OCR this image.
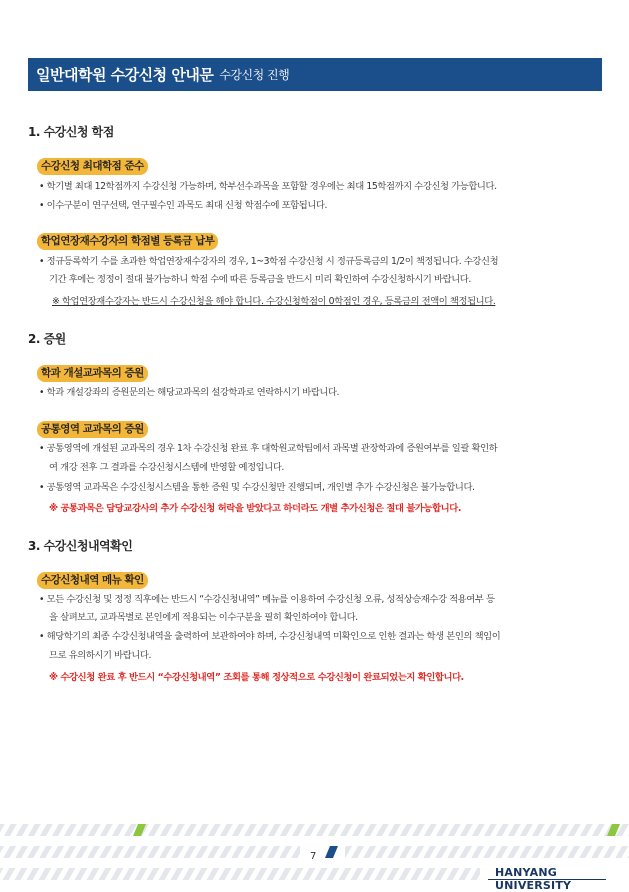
일반대학원 수강신청 안내문 수강신청 진행
1. 수강신청 학점
수강신청 최대학점 준수
• 학기별 최대 12학점까지 수강신청 가능하며, 학부선수과목을 포함할 경우에는 최대 15학점까지 수강신청 가능합니다.
• 이수구분이 연구선택, 연구필수인 과목도 최대 신청 학점수에 포함됩니다.
학업연장재수강자의 학점별 등록금 납부
• 정규등록학기 수를 초과한 학업연장재수강자의 경우, 1~3학점 수강신청 시 정규등록금의 1/2이 책정됩니다. 수강신청
기간 후에는 정정이 절대 불가능하니 학점 수에 따른 등록금을 반드시 미리 확인하여 수강신청하시기 바랍니다.
※ 학업연장재수강자는 반드시 수강신청을 해야 합니다. 수강신청학점이 0학점인 경우, 등록금의 전액이 책정됩니다.
2. 증원
학과 개설교과목의 증원
• 학과 개설강좌의 증원문의는 해당교과목의 설강학과로 연락하시기 바랍니다.
공통영역 교과목의 증원
• 공통영역에 개설된 교과목의 경우 1차 수강신청 완료 후 대학원교학팀에서 과목별 관장학과에 증원여부를 일괄 확인하
여 개강 전후 그 결과를 수강신청시스템에 반영할 예정입니다.
• 공통영역 교과목은 수강신청시스템을 통한 증원 및 수강신청만 진행되며, 개인별 추가 수강신청은 불가능합니다.
※ 공통과목은 담당교강사의 추가 수강신청 허락을 받았다고 하더라도 개별 추가신청은 절대 불가능합니다.
3. 수강신청내역확인
수강신청내역 메뉴 확인
• 모든 수강신청 및 정정 직후에는 반드시 “수강신청내역” 메뉴를 이용하여 수강신청 오류, 성적상승재수강 적용여부 등
을 살펴보고, 교과목별로 본인에게 적용되는 이수구분을 필히 확인하여야 합니다.
• 해당학기의 최종 수강신청내역을 출력하여 보관하여야 하며, 수강신청내역 미확인으로 인한 결과는 학생 본인의 책임이
므로 유의하시기 바랍니다.
※ 수강신청 완료 후 반드시 “수강신청내역” 조회를 통해 정상적으로 수강신청이 완료되었는지 확인합니다.
7
HANYANG UNIVERSITY
